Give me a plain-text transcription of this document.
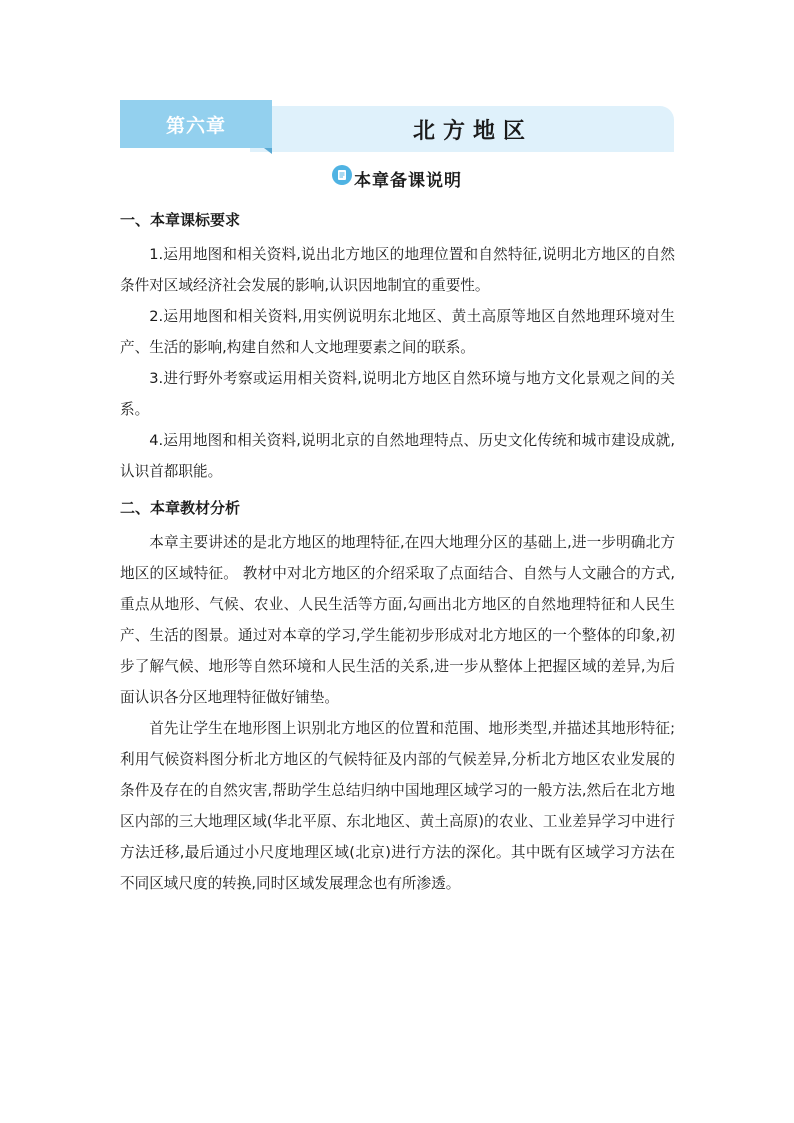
第六章	北方地区
本章备课说明

一、本章课标要求

1.运用地图和相关资料,说出北方地区的地理位置和自然特征,说明北方地区的自然条件对区域经济社会发展的影响,认识因地制宜的重要性。

2.运用地图和相关资料,用实例说明东北地区、黄土高原等地区自然地理环境对生产、生活的影响,构建自然和人文地理要素之间的联系。

3.进行野外考察或运用相关资料,说明北方地区自然环境与地方文化景观之间的关系。

4.运用地图和相关资料,说明北京的自然地理特点、历史文化传统和城市建设成就,认识首都职能。

二、本章教材分析

本章主要讲述的是北方地区的地理特征,在四大地理分区的基础上,进一步明确北方地区的区域特征。 教材中对北方地区的介绍采取了点面结合、自然与人文融合的方式,重点从地形、气候、农业、人民生活等方面,勾画出北方地区的自然地理特征和人民生产、生活的图景。通过对本章的学习,学生能初步形成对北方地区的一个整体的印象,初步了解气候、地形等自然环境和人民生活的关系,进一步从整体上把握区域的差异,为后面认识各分区地理特征做好铺垫。

首先让学生在地形图上识别北方地区的位置和范围、地形类型,并描述其地形特征;利用气候资料图分析北方地区的气候特征及内部的气候差异,分析北方地区农业发展的条件及存在的自然灾害,帮助学生总结归纳中国地理区域学习的一般方法,然后在北方地区内部的三大地理区域(华北平原、东北地区、黄土高原)的农业、工业差异学习中进行方法迁移,最后通过小尺度地理区域(北京)进行方法的深化。其中既有区域学习方法在不同区域尺度的转换,同时区域发展理念也有所渗透。
